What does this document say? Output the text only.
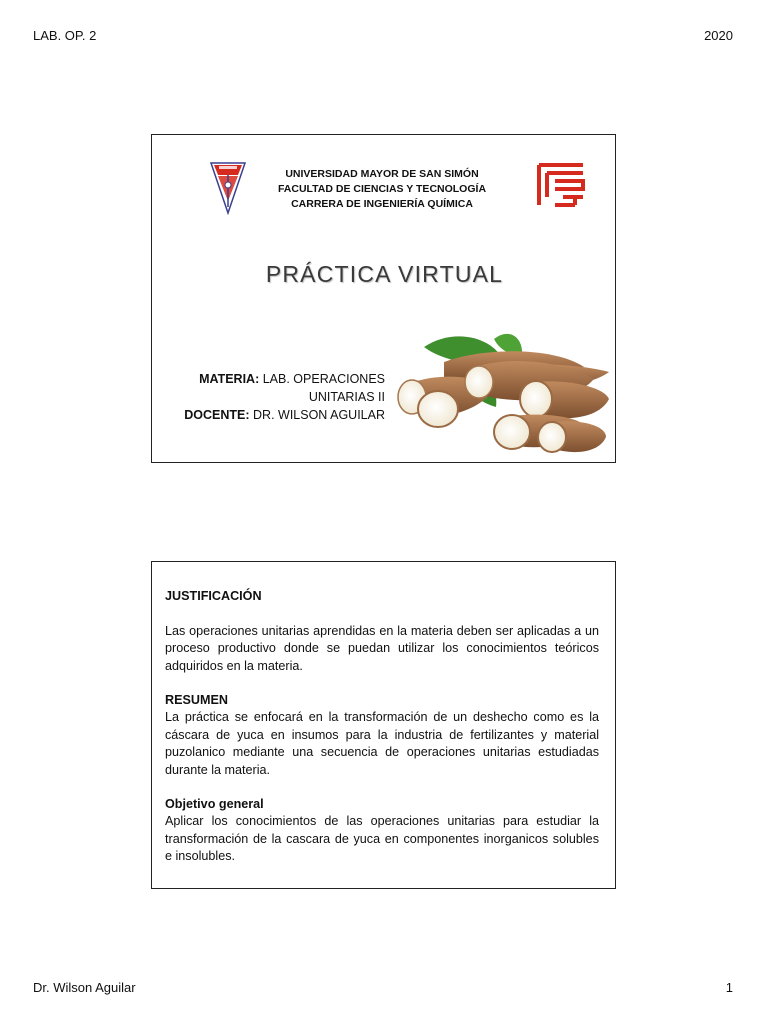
LAB. OP. 2	2020
UNIVERSIDAD MAYOR DE SAN SIMÓN
FACULTAD DE CIENCIAS Y TECNOLOGÍA
CARRERA DE INGENIERÍA QUÍMICA
PRÁCTICA VIRTUAL
MATERIA: LAB. OPERACIONES
UNITARIAS II
DOCENTE: DR. WILSON AGUILAR

JUSTIFICACIÓN

Las operaciones unitarias aprendidas en la materia deben ser aplicadas a un proceso productivo donde se puedan utilizar los conocimientos teóricos adquiridos en la materia.

RESUMEN

La práctica se enfocará en la transformación de un deshecho como es la cáscara de yuca en insumos para la industria de fertilizantes y material puzolanico mediante una secuencia de operaciones unitarias estudiadas durante la materia.

Objetivo general

Aplicar los conocimientos de las operaciones unitarias para estudiar la transformación de la cascara de yuca en componentes inorganicos solubles e insolubles.

Dr. Wilson Aguilar	1
